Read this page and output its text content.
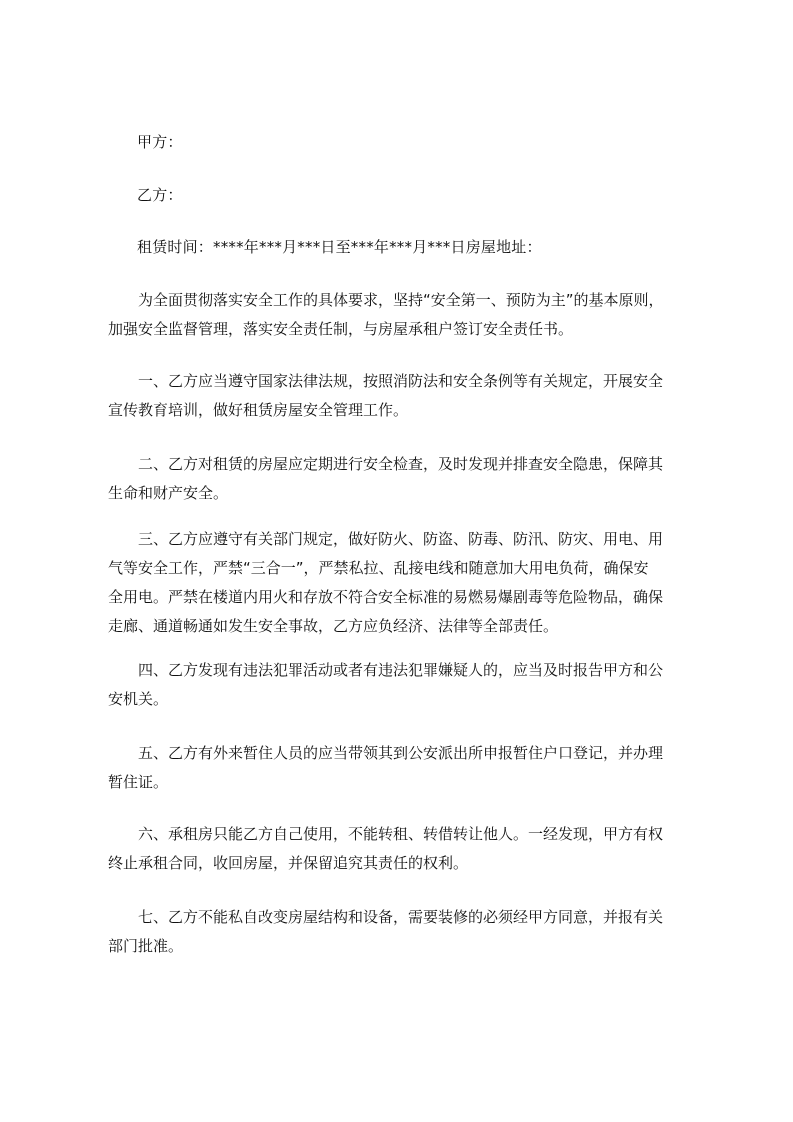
甲方：
乙方：
租赁时间：****年***月***日至***年***月***日房屋地址：
为全面贯彻落实安全工作的具体要求，坚持“安全第一、预防为主”的基本原则，
加强安全监督管理，落实安全责任制，与房屋承租户签订安全责任书。
一、乙方应当遵守国家法律法规，按照消防法和安全条例等有关规定，开展安全
宣传教育培训，做好租赁房屋安全管理工作。
二、乙方对租赁的房屋应定期进行安全检查，及时发现并排查安全隐患，保障其
生命和财产安全。
三、乙方应遵守有关部门规定，做好防火、防盗、防毒、防汛、防灾、用电、用
气等安全工作，严禁“三合一”，严禁私拉、乱接电线和随意加大用电负荷，确保安
全用电。严禁在楼道内用火和存放不符合安全标准的易燃易爆剧毒等危险物品，确保
走廊、通道畅通如发生安全事故，乙方应负经济、法律等全部责任。
四、乙方发现有违法犯罪活动或者有违法犯罪嫌疑人的，应当及时报告甲方和公
安机关。
五、乙方有外来暂住人员的应当带领其到公安派出所申报暂住户口登记，并办理
暂住证。
六、承租房只能乙方自己使用，不能转租、转借转让他人。一经发现，甲方有权
终止承租合同，收回房屋，并保留追究其责任的权利。
七、乙方不能私自改变房屋结构和设备，需要装修的必须经甲方同意，并报有关
部门批准。
